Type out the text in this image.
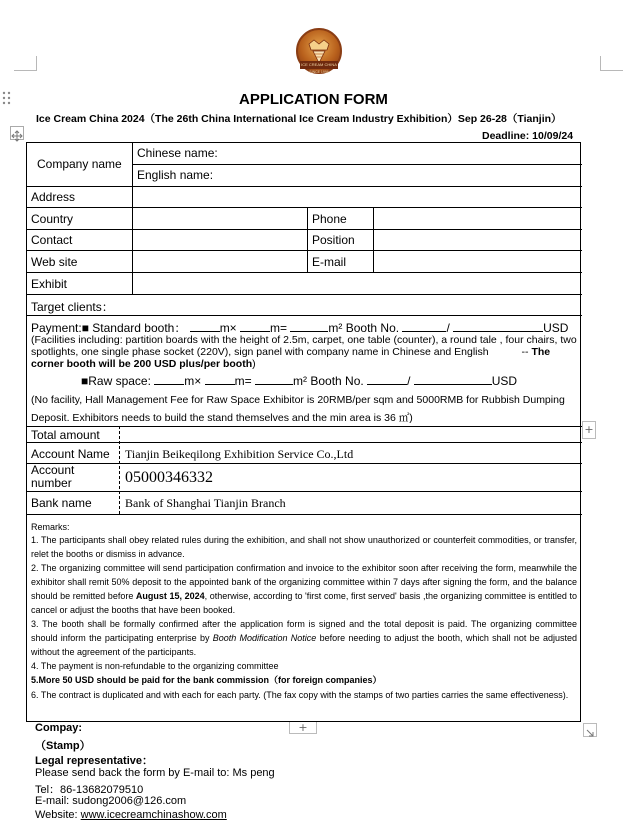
ICE CREAM CHINA
SINCE 1996
+
+
APPLICATION FORM
Ice Cream China 2024（The 26th China International Ice Cream Industry Exhibition）Sep 26-28（Tianjin）
Deadline: 10/09/24
Company name
Chinese name:
English name:
Address
Country	Phone
Contact	Position
Web site	E-mail
Exhibit
Target clients：
Payment:■ Standard booth：	m×	m=	m² Booth No.	/	USD
(Facilities including: partition boards with the height of 2.5m, carpet, one table (counter), a round tale , four chairs, two spotlights, one single phase socket (220V), sign panel with company name in Chinese and English	-- The corner booth will be 200 USD plus/per booth)
■Raw space:	m×	m=	m² Booth No.	/	USD
(No facility, Hall Management Fee for Raw Space Exhibitor is 20RMB/per sqm and 5000RMB for Rubbish Dumping Deposit. Exhibitors needs to build the stand themselves and the min area is 36 ㎡)
Total amount
Account Name Tianjin Beikeqilong Exhibition Service Co.,Ltd
Account number	05000346332
Bank name	Bank of Shanghai Tianjin Branch

Remarks:

1. The participants shall obey related rules during the exhibition, and shall not show unauthorized or counterfeit commodities, or transfer, relet the booths or dismiss in advance.

2. The organizing committee will send participation confirmation and invoice to the exhibitor soon after receiving the form, meanwhile the exhibitor shall remit 50% deposit to the appointed bank of the organizing committee within 7 days after signing the form, and the balance should be remitted before August 15, 2024, otherwise, according to 'first come, first served' basis ,the organizing committee is entitled to cancel or adjust the booths that have been booked.

3. The booth shall be formally confirmed after the application form is signed and the total deposit is paid. The organizing committee should inform the participating enterprise by Booth Modification Notice before needing to adjust the booth, which shall not be adjusted without the agreement of the participants.

4. The payment is non-refundable to the organizing committee

5.More 50 USD should be paid for the bank commission（for foreign companies）

6. The contract is duplicated and with each for each party. (The fax copy with the stamps of two parties carries the same effectiveness).

Compay:
（Stamp）
Legal representative：
Please send back the form by E-mail to: Ms peng
Tel：86-13682079510
E-mail: sudong2006@126.com
Website: www.icecreamchinashow.com
